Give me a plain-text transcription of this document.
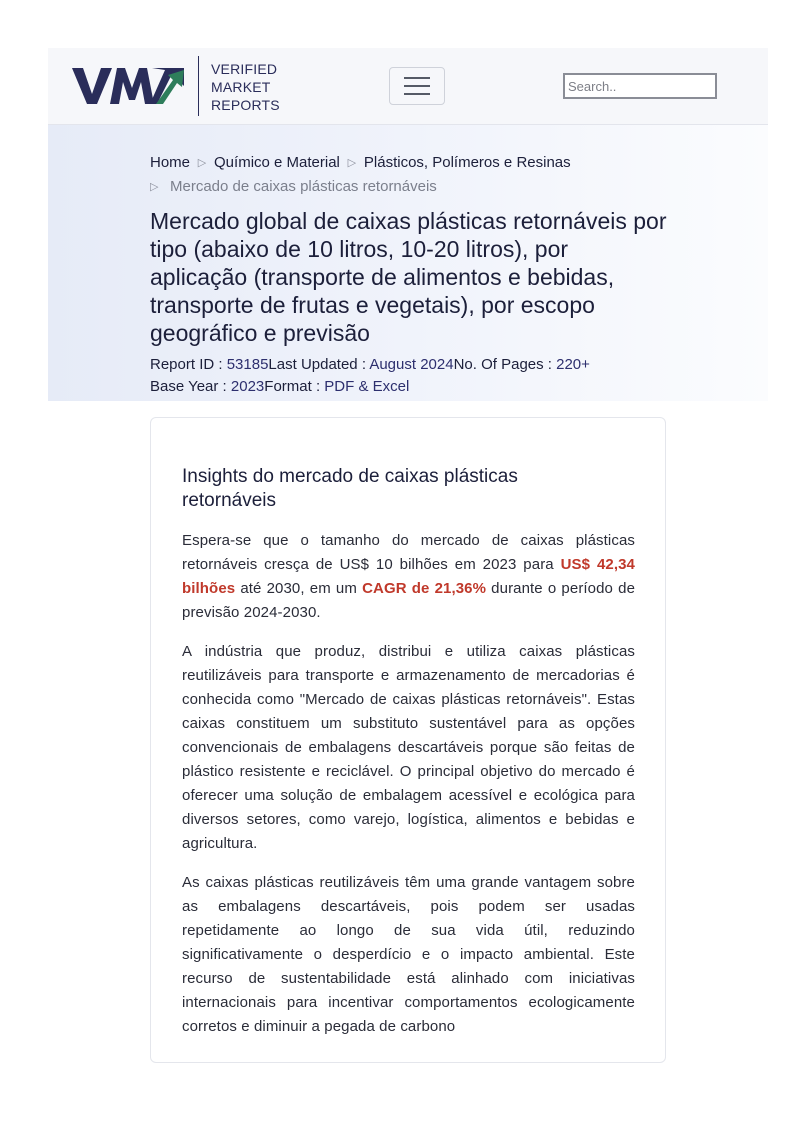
VERIFIED
MARKET
REPORTS
Search..
Home ▷ Químico e Material ▷ Plásticos, Polímeros e Resinas
▷ Mercado de caixas plásticas retornáveis
Mercado global de caixas plásticas retornáveis por tipo (abaixo de 10 litros, 10-20 litros), por aplicação (transporte de alimentos e bebidas, transporte de frutas e vegetais), por escopo geográfico e previsão
Report ID : 53185Last Updated : August 2024No. Of Pages : 220+
Base Year : 2023Format : PDF & Excel
Insights do mercado de caixas plásticas retornáveis

Espera-se que o tamanho do mercado de caixas plásticas retornáveis cresça de US$ 10 bilhões em 2023 para US$ 42,34 bilhões até 2030, em um CAGR de 21,36% durante o período de previsão 2024-2030.

A indústria que produz, distribui e utiliza caixas plásticas reutilizáveis para transporte e armazenamento de mercadorias é conhecida como "Mercado de caixas plásticas retornáveis". Estas caixas constituem um substituto sustentável para as opções convencionais de embalagens descartáveis porque são feitas de plástico resistente e reciclável. O principal objetivo do mercado é oferecer uma solução de embalagem acessível e ecológica para diversos setores, como varejo, logística, alimentos e bebidas e agricultura.

As caixas plásticas reutilizáveis têm uma grande vantagem sobre as embalagens descartáveis, pois podem ser usadas repetidamente ao longo de sua vida útil, reduzindo significativamente o desperdício e o impacto ambiental. Este recurso de sustentabilidade está alinhado com iniciativas internacionais para incentivar comportamentos ecologicamente corretos e diminuir a pegada de carbono
